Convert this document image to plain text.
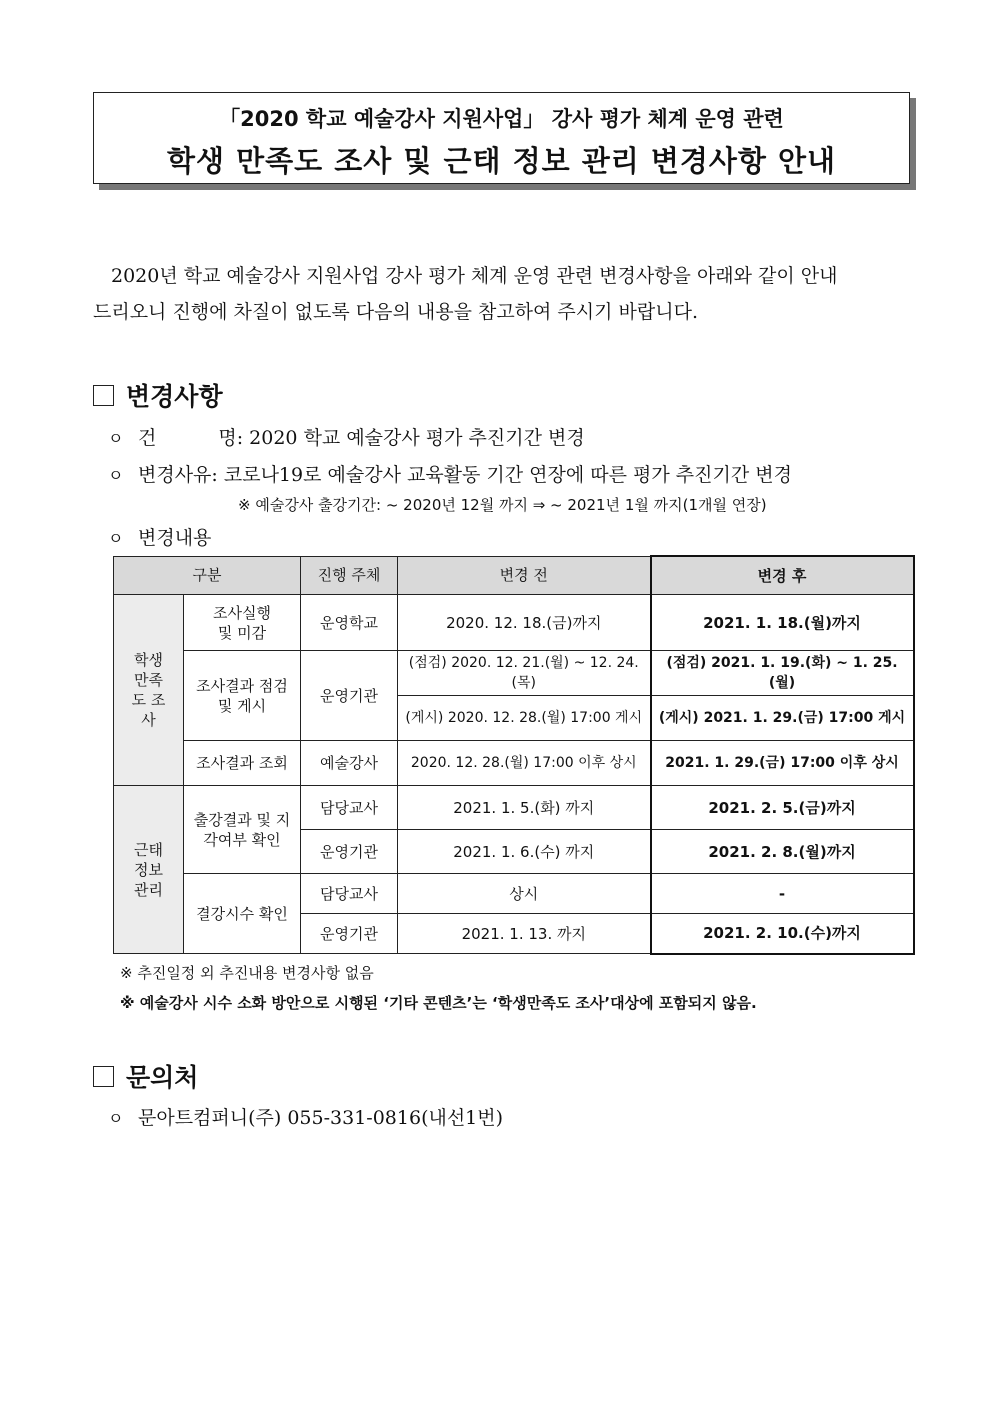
「2020 학교 예술강사 지원사업」 강사 평가 체계 운영 관련
학생 만족도 조사 및 근태 정보 관리 변경사항 안내
2020년 학교 예술강사 지원사업 강사 평가 체계 운영 관련 변경사항을 아래와 같이 안내
드리오니 진행에 차질이 없도록 다음의 내용을 참고하여 주시기 바랍니다.
변경사항
ㅇ 건	명: 2020 학교 예술강사 평가 추진기간 변경
ㅇ 변경사유: 코로나19로 예술강사 교육활동 기간 연장에 따른 평가 추진기간 변경
※ 예술강사 출강기간: ~ 2020년 12월 까지 ⇒ ~ 2021년 1월 까지(1개월 연장)
ㅇ 변경내용
구분		진행 주체	변경 전	변경 후

학생 만족도 조사	조사실행 및 미감	운영학교	2020. 12. 18.(금)까지	2021. 1. 18.(월)까지

	조사결과 점검 및 게시	운영기관	(점검) 2020. 12. 21.(월) ~ 12. 24.(목)	(점검) 2021. 1. 19.(화) ~ 1. 25.(월)
			(게시) 2020. 12. 28.(월) 17:00 게시	(게시) 2021. 1. 29.(금) 17:00 게시
	조사결과 조회	예술강사	2020. 12. 28.(월) 17:00 이후 상시	2021. 1. 29.(금) 17:00 이후 상시

근태 정보 관리	출강결과 및 지각여부 확인	담당교사	2021. 1. 5.(화) 까지	2021. 2. 5.(금)까지
		운영기관	2021. 1. 6.(수) 까지	2021. 2. 8.(월)까지
	결강시수 확인	담당교사	상시	-
		운영기관	2021. 1. 13. 까지	2021. 2. 10.(수)까지
※ 추진일정 외 추진내용 변경사항 없음
※ 예술강사 시수 소화 방안으로 시행된 ‘기타 콘텐츠’는 ‘학생만족도 조사’대상에 포함되지 않음.
문의처
ㅇ 문아트컴퍼니(주) 055-331-0816(내선1번)
